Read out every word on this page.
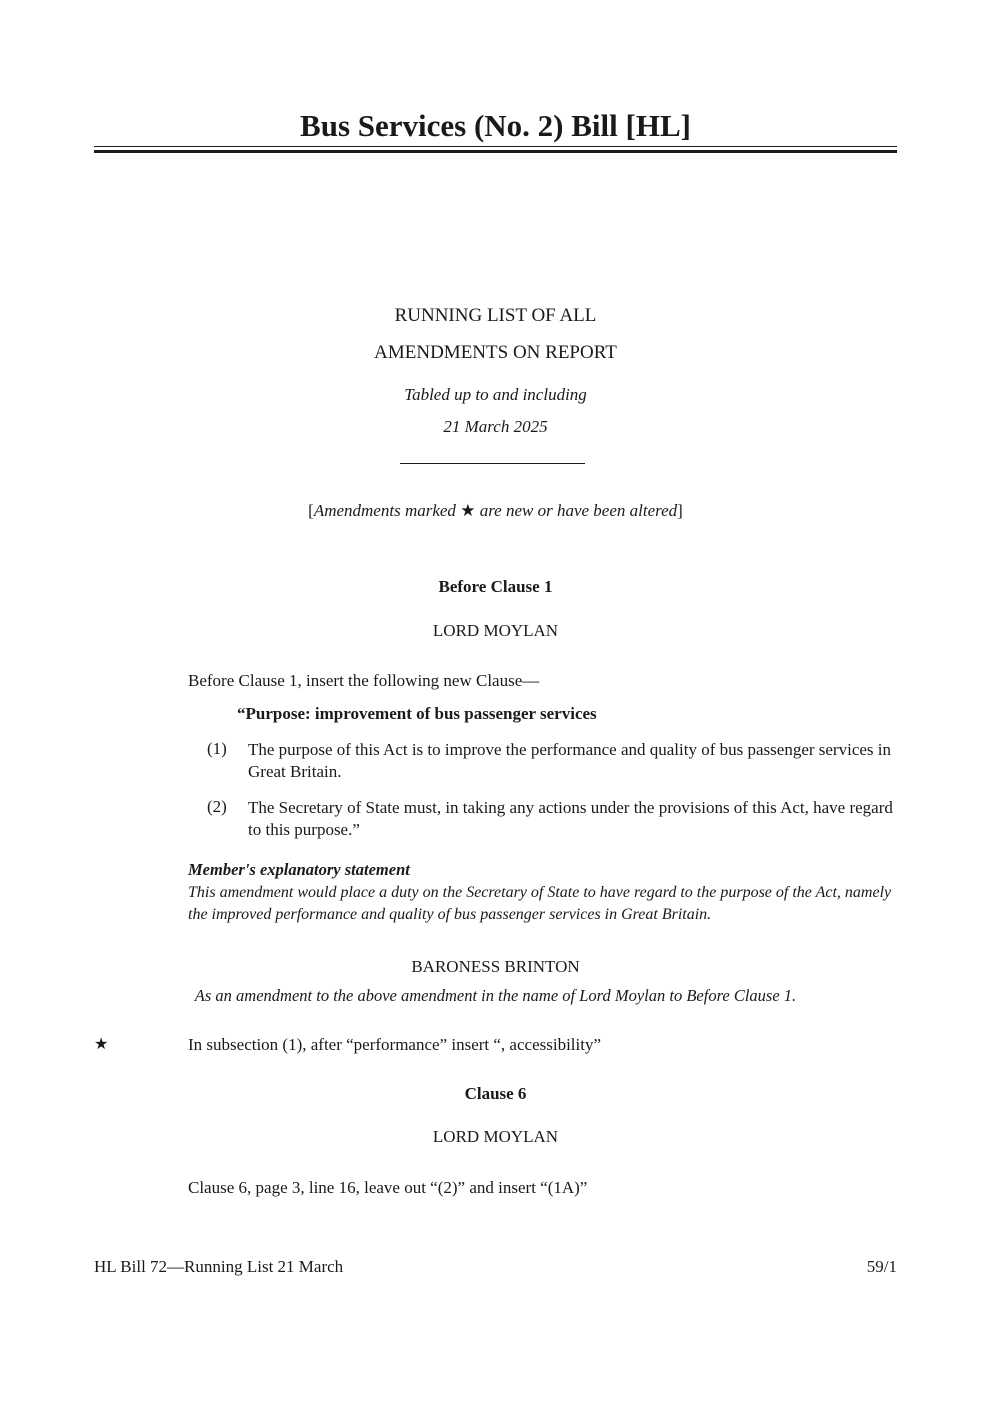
Bus Services (No. 2) Bill [HL]
RUNNING LIST OF ALL
AMENDMENTS ON REPORT
Tabled up to and including
21 March 2025
[Amendments marked ★ are new or have been altered]
Before Clause 1
LORD MOYLAN
Before Clause 1, insert the following new Clause—
“Purpose: improvement of bus passenger services
(1) The purpose of this Act is to improve the performance and quality of bus passenger services in Great Britain.
(2) The Secretary of State must, in taking any actions under the provisions of this Act, have regard to this purpose.”
Member's explanatory statement
This amendment would place a duty on the Secretary of State to have regard to the purpose of the Act, namely the improved performance and quality of bus passenger services in Great Britain.
BARONESS BRINTON
As an amendment to the above amendment in the name of Lord Moylan to Before Clause 1.
★	In subsection (1), after “performance” insert “, accessibility”
Clause 6
LORD MOYLAN
Clause 6, page 3, line 16, leave out “(2)” and insert “(1A)”
HL Bill 72—Running List 21 March	59/1
